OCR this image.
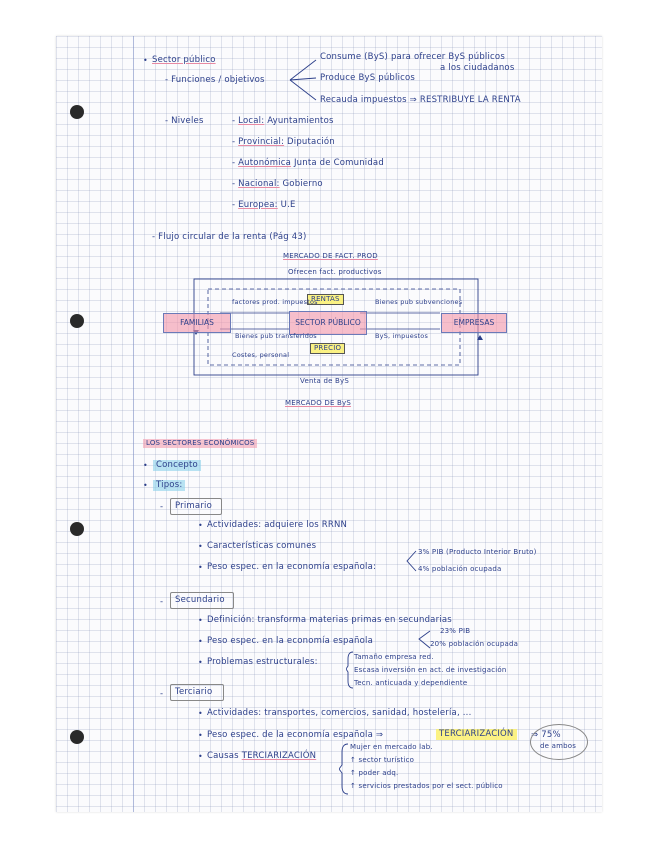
• Sector público	Consume (ByS) para ofrecer ByS públicos
a los ciudadanos
- Funciones / objetivos	Produce ByS públicos
Recauda impuestos ⇒ RESTRIBUYE LA RENTA
- Niveles	- Local: Ayuntamientos
- Provincial: Diputación
- Autonómica Junta de Comunidad
- Nacional: Gobierno
- Europea: U.E
- Flujo circular de la renta (Pág 43)
MERCADO DE FACT. PROD
Ofrecen fact. productivos
FAMILIAS	SECTOR PÚBLICO	EMPRESAS
RENTAS
PRECIO
factores prod. impuestos
Bienes pub transferidos
Costes, personal
Bienes pub subvenciones
ByS, impuestos
Venta de ByS
MERCADO DE ByS
LOS SECTORES ECONÓMICOS
• Concepto
• Tipos:
- Primario
• Actividades: adquiere los RRNN
• Características comunes
• Peso espec. en la economía española:
3% PIB (Producto Interior Bruto)
4% población ocupada
- Secundario
• Definición: transforma materias primas en secundarias
• Peso espec. en la economía española
23% PIB
20% población ocupada
• Problemas estructurales:	Tamaño empresa red.
Escasa inversión en act. de investigación
Tecn. anticuada y dependiente
- Terciario
• Actividades: transportes, comercios, sanidad, hostelería, ...
• Peso espec. de la economía española ⇒	TERCIARIZACIÓN	⇒ 75%
de ambos
• Causas TERCIARIZACIÓN
Mujer en mercado lab.
↑ sector turístico
↑ poder adq.
↑ servicios prestados por el sect. público
